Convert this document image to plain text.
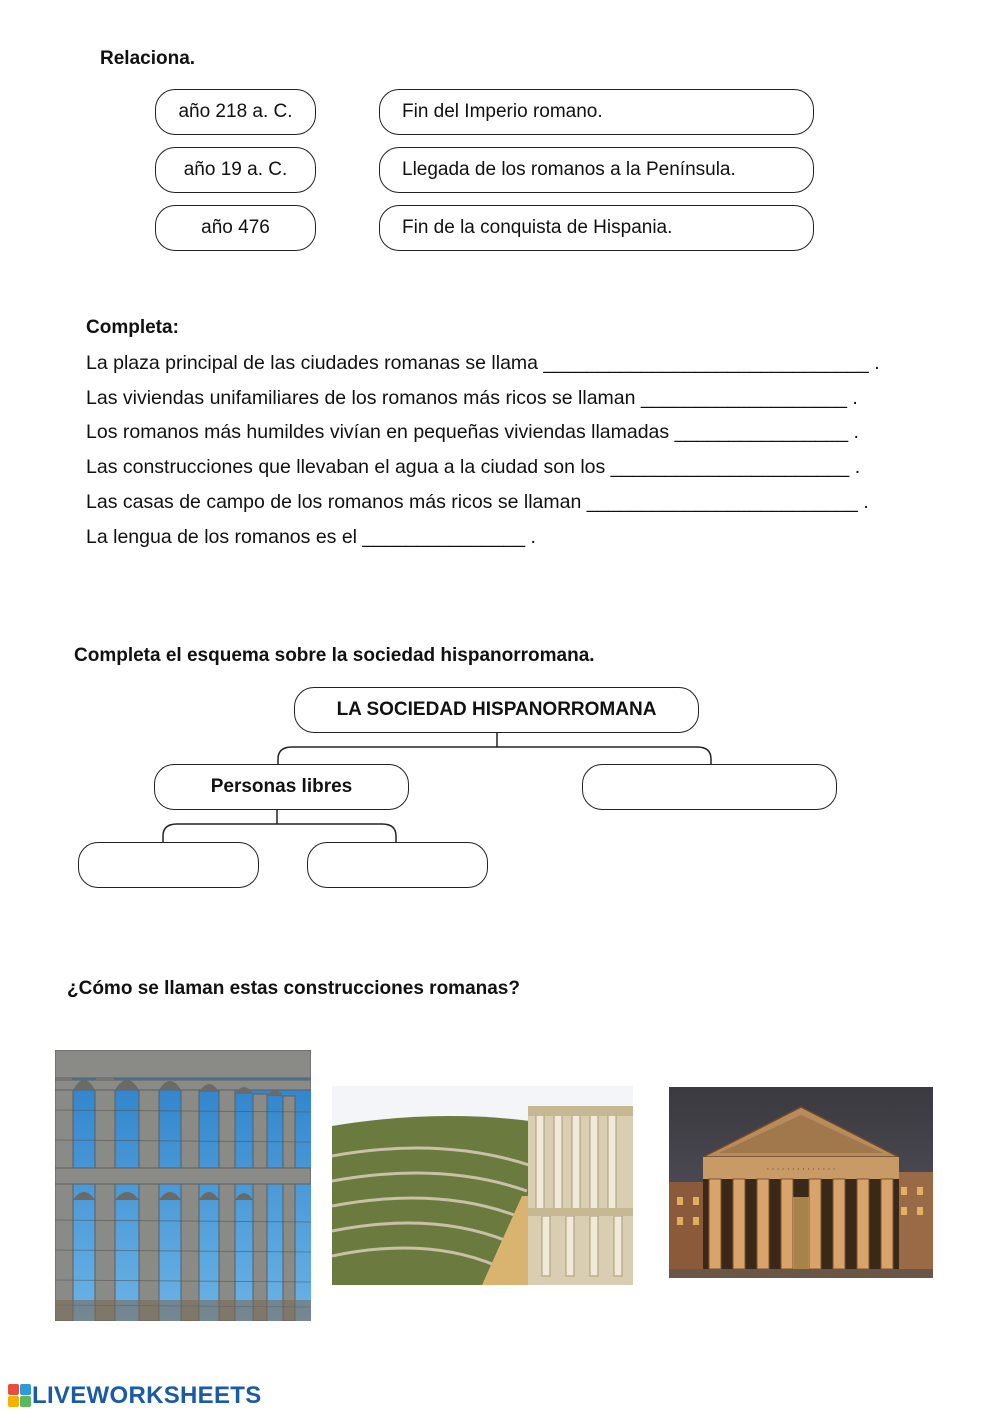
Relaciona.
año 218 a. C.
año 19 a. C.
año 476
Fin del Imperio romano.
Llegada de los romanos a la Península.
Fin de la conquista de Hispania.
Completa:
La plaza principal de las ciudades romanas se llama ______________________________ .
Las viviendas unifamiliares de los romanos más ricos se llaman ___________________ .
Los romanos más humildes vivían en pequeñas viviendas llamadas ________________ .
Las construcciones que llevaban el agua a la ciudad son los ______________________ .
Las casas de campo de los romanos más ricos se llaman _________________________ .
La lengua de los romanos es el _______________ .
Completa el esquema sobre la sociedad hispanorromana.
LA SOCIEDAD HISPANORROMANA
Personas libres
¿Cómo se llaman estas construcciones romanas?
· · · · · · · · · · · · · ·
LIVEWORKSHEETS
